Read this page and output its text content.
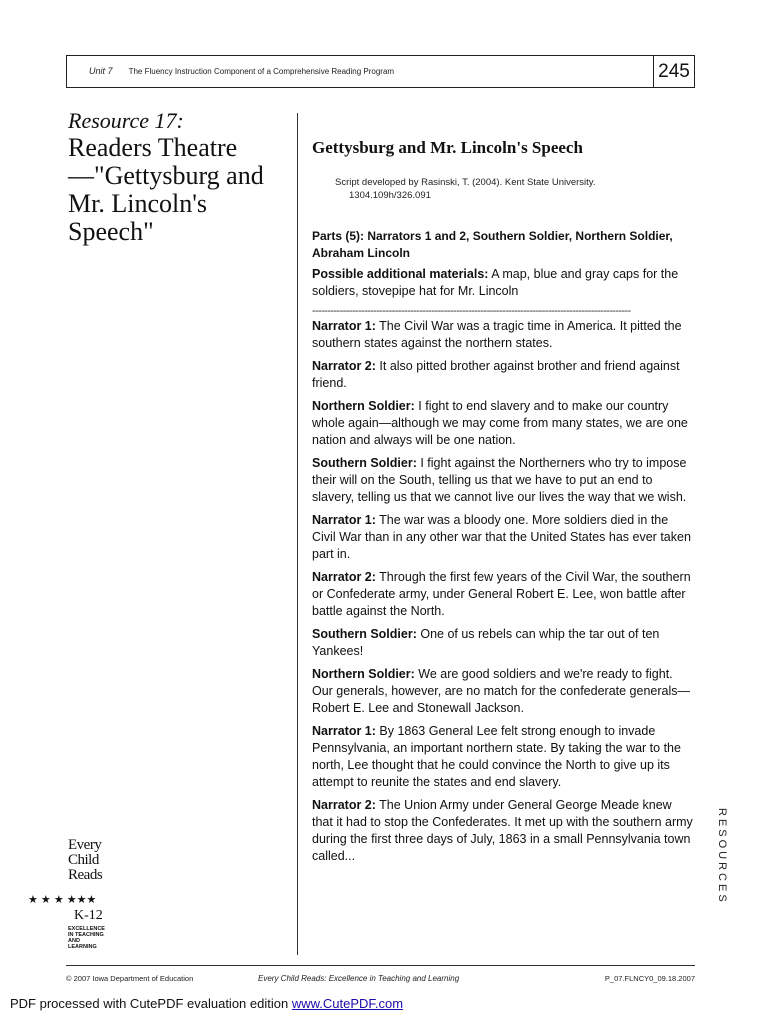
Unit 7 The Fluency Instruction Component of a Comprehensive Reading Program	245
Resource 17:
Readers Theatre—"Gettysburg and Mr. Lincoln's Speech"
Gettysburg and Mr. Lincoln's Speech
Script developed by Rasinski, T. (2004). Kent State University.
1304.109h/326.091
Parts (5): Narrators 1 and 2, Southern Soldier, Northern Soldier, Abraham Lincoln
Possible additional materials: A map, blue and gray caps for the soldiers, stovepipe hat for Mr. Lincoln
--------------------------------------------------------------------------------------------------------

Narrator 1: The Civil War was a tragic time in America. It pitted the southern states against the northern states.

Narrator 2: It also pitted brother against brother and friend against friend.

Northern Soldier: I fight to end slavery and to make our country whole again—although we may come from many states, we are one nation and always will be one nation.

Southern Soldier: I fight against the Northerners who try to impose their will on the South, telling us that we have to put an end to slavery, telling us that we cannot live our lives the way that we wish.

Narrator 1: The war was a bloody one. More soldiers died in the Civil War than in any other war that the United States has ever taken part in.

Narrator 2: Through the first few years of the Civil War, the southern or Confederate army, under General Robert E. Lee, won battle after battle against the North.

Southern Soldier: One of us rebels can whip the tar out of ten Yankees!

Northern Soldier: We are good soldiers and we're ready to fight. Our generals, however, are no match for the confederate generals—Robert E. Lee and Stonewall Jackson.

Narrator 1: By 1863 General Lee felt strong enough to invade Pennsylvania, an important northern state. By taking the war to the north, Lee thought that he could convince the North to give up its attempt to reunite the states and end slavery.

Narrator 2: The Union Army under General George Meade knew that it had to stop the Confederates. It met up with the southern army during the first three days of July, 1863 in a small Pennsylvania town called...	RESOURCES
Every
Child
Reads
★ ★ ★ ★★★
K-12
EXCELLENCE
IN TEACHING
AND
LEARNING
© 2007 Iowa Department of Education	Every Child Reads: Excellence in Teaching and Learning	P_07.FLNCY0_09.18.2007
PDF processed with CutePDF evaluation edition www.CutePDF.com
